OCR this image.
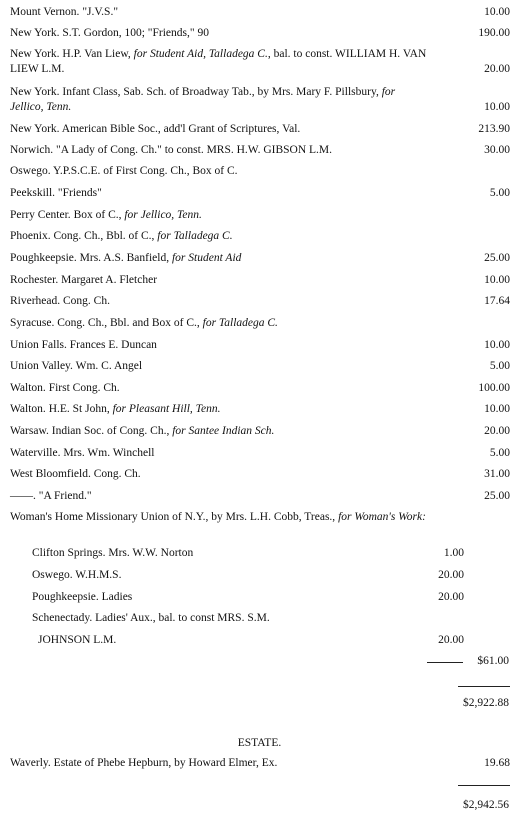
Mount Vernon. "J.V.S."	10.00
New York. S.T. Gordon, 100; "Friends," 90	190.00
New York. H.P. Van Liew, for Student Aid, Talladega C., bal. to const. WILLIAM H. VAN LIEW L.M.	20.00
New York. Infant Class, Sab. Sch. of Broadway Tab., by Mrs. Mary F. Pillsbury, for Jellico, Tenn.	10.00
New York. American Bible Soc., add'l Grant of Scriptures, Val.	213.90
Norwich. "A Lady of Cong. Ch." to const. MRS. H.W. GIBSON L.M.	30.00
Oswego. Y.P.S.C.E. of First Cong. Ch., Box of C.
Peekskill. "Friends"	5.00
Perry Center. Box of C., for Jellico, Tenn.
Phoenix. Cong. Ch., Bbl. of C., for Talladega C.
Poughkeepsie. Mrs. A.S. Banfield, for Student Aid	25.00
Rochester. Margaret A. Fletcher	10.00
Riverhead. Cong. Ch.	17.64
Syracuse. Cong. Ch., Bbl. and Box of C., for Talladega C.
Union Falls. Frances E. Duncan	10.00
Union Valley. Wm. C. Angel	5.00
Walton. First Cong. Ch.	100.00
Walton. H.E. St John, for Pleasant Hill, Tenn.	10.00
Warsaw. Indian Soc. of Cong. Ch., for Santee Indian Sch.	20.00
Waterville. Mrs. Wm. Winchell	5.00
West Bloomfield. Cong. Ch.	31.00
——. "A Friend."	25.00
Woman's Home Missionary Union of N.Y., by Mrs. L.H. Cobb, Treas., for Woman's Work:
Clifton Springs. Mrs. W.W. Norton	1.00
Oswego. W.H.M.S.	20.00
Poughkeepsie. Ladies	20.00
Schenectady. Ladies' Aux., bal. to const MRS. S.M.
JOHNSON L.M.	20.00
$61.00
$2,922.88
ESTATE.
Waverly. Estate of Phebe Hepburn, by Howard Elmer, Ex.	19.68
$2,942.56
